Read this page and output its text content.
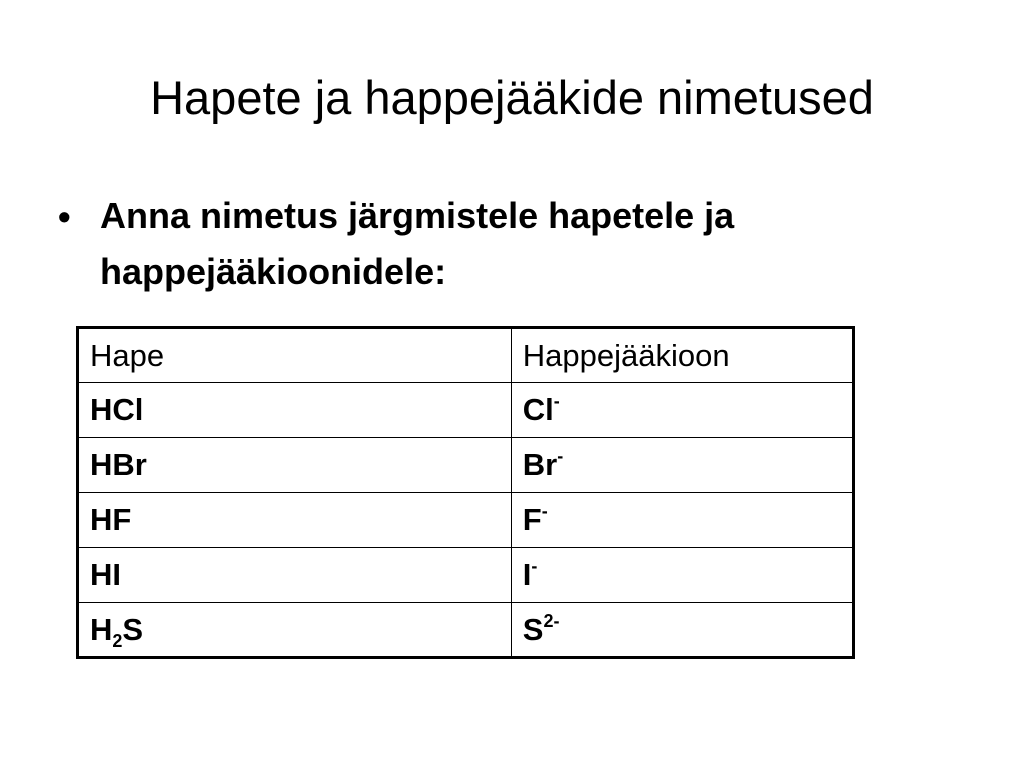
Hapete ja happejääkide nimetused
• Anna nimetus järgmistele hapetele ja happejääkioonidele:
Hape	Happejääkioon
HCl	Cl-
HBr	Br-
HF	F-
HI	I-
$H_2S$	$S^{2-}$
